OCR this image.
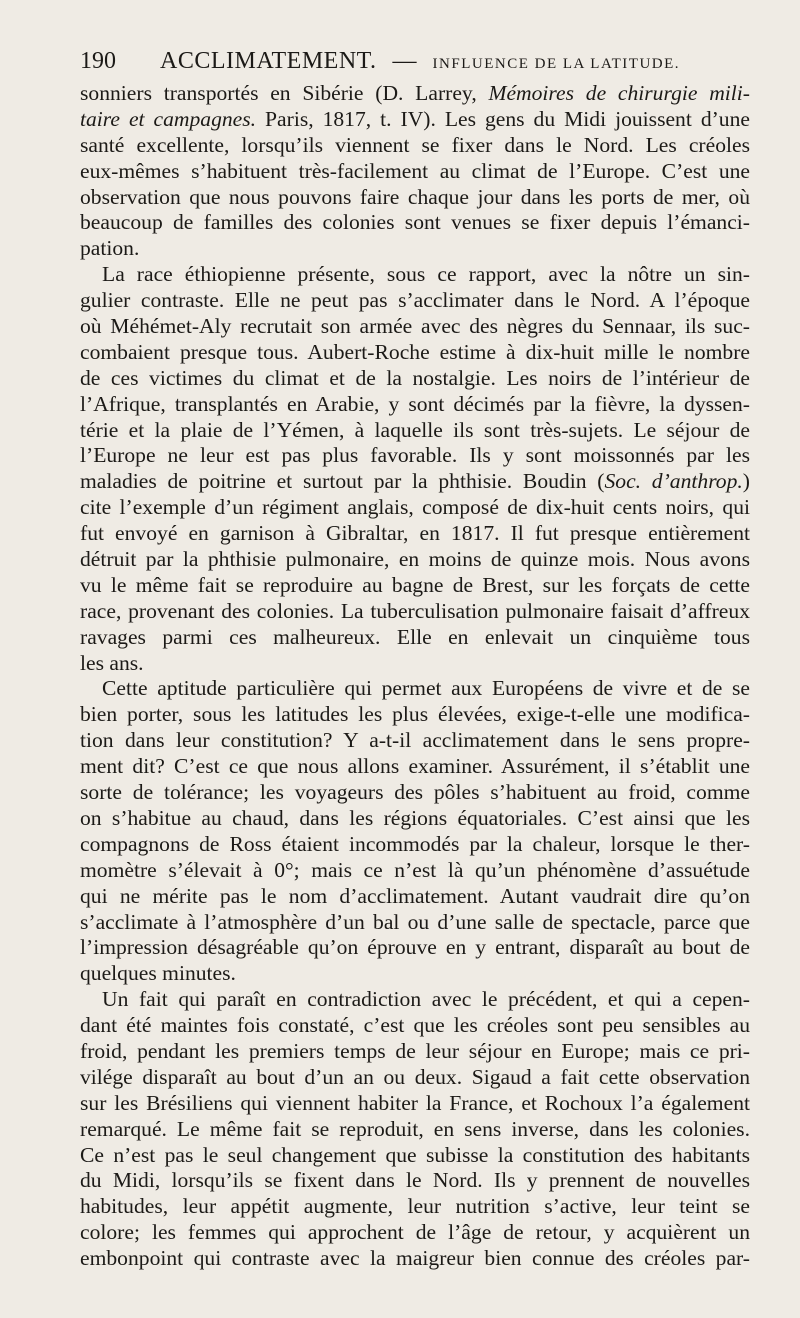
190 ACCLIMATEMENT. — INFLUENCE DE LA LATITUDE.
sonniers transportés en Sibérie (D. Larrey, Mémoires de chirurgie mili-
taire et campagnes. Paris, 1817, t. IV). Les gens du Midi jouissent d’une
santé excellente, lorsqu’ils viennent se fixer dans le Nord. Les créoles
eux-mêmes s’habituent très-facilement au climat de l’Europe. C’est une
observation que nous pouvons faire chaque jour dans les ports de mer, où
beaucoup de familles des colonies sont venues se fixer depuis l’émanci-
pation.
La race éthiopienne présente, sous ce rapport, avec la nôtre un sin-
gulier contraste. Elle ne peut pas s’acclimater dans le Nord. A l’époque
où Méhémet-Aly recrutait son armée avec des nègres du Sennaar, ils suc-
combaient presque tous. Aubert-Roche estime à dix-huit mille le nombre
de ces victimes du climat et de la nostalgie. Les noirs de l’intérieur de
l’Afrique, transplantés en Arabie, y sont décimés par la fièvre, la dyssen-
térie et la plaie de l’Yémen, à laquelle ils sont très-sujets. Le séjour de
l’Europe ne leur est pas plus favorable. Ils y sont moissonnés par les
maladies de poitrine et surtout par la phthisie. Boudin (Soc. d’anthrop.)
cite l’exemple d’un régiment anglais, composé de dix-huit cents noirs, qui
fut envoyé en garnison à Gibraltar, en 1817. Il fut presque entièrement
détruit par la phthisie pulmonaire, en moins de quinze mois. Nous avons
vu le même fait se reproduire au bagne de Brest, sur les forçats de cette
race, provenant des colonies. La tuberculisation pulmonaire faisait d’affreux
ravages parmi ces malheureux. Elle en enlevait un cinquième tous
les ans.
Cette aptitude particulière qui permet aux Européens de vivre et de se
bien porter, sous les latitudes les plus élevées, exige-t-elle une modifica-
tion dans leur constitution? Y a-t-il acclimatement dans le sens propre-
ment dit? C’est ce que nous allons examiner. Assurément, il s’établit une
sorte de tolérance; les voyageurs des pôles s’habituent au froid, comme
on s’habitue au chaud, dans les régions équatoriales. C’est ainsi que les
compagnons de Ross étaient incommodés par la chaleur, lorsque le ther-
momètre s’élevait à 0°; mais ce n’est là qu’un phénomène d’assuétude
qui ne mérite pas le nom d’acclimatement. Autant vaudrait dire qu’on
s’acclimate à l’atmosphère d’un bal ou d’une salle de spectacle, parce que
l’impression désagréable qu’on éprouve en y entrant, disparaît au bout de
quelques minutes.
Un fait qui paraît en contradiction avec le précédent, et qui a cepen-
dant été maintes fois constaté, c’est que les créoles sont peu sensibles au
froid, pendant les premiers temps de leur séjour en Europe; mais ce pri-
vilége disparaît au bout d’un an ou deux. Sigaud a fait cette observation
sur les Brésiliens qui viennent habiter la France, et Rochoux l’a également
remarqué. Le même fait se reproduit, en sens inverse, dans les colonies.
Ce n’est pas le seul changement que subisse la constitution des habitants
du Midi, lorsqu’ils se fixent dans le Nord. Ils y prennent de nouvelles
habitudes, leur appétit augmente, leur nutrition s’active, leur teint se
colore; les femmes qui approchent de l’âge de retour, y acquièrent un
embonpoint qui contraste avec la maigreur bien connue des créoles par-
